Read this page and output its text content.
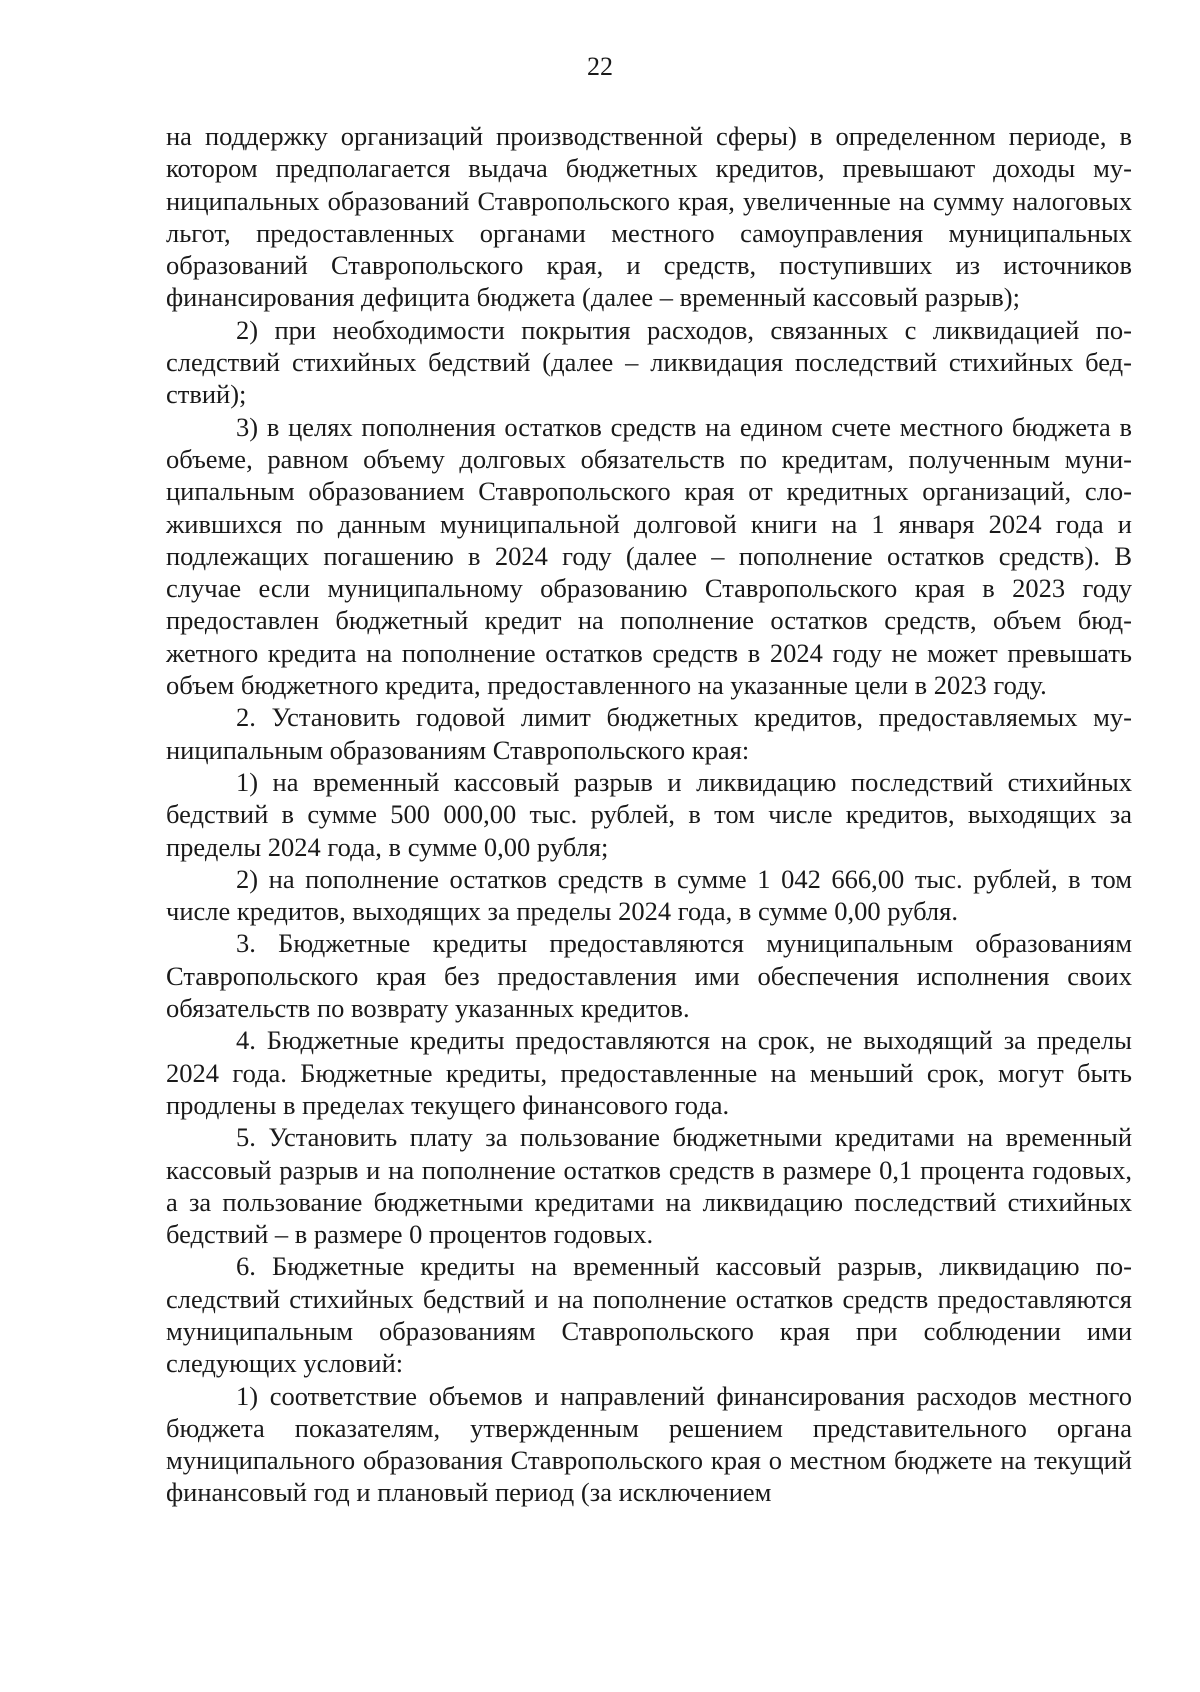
22

на поддержку организаций производственной сферы) в определенном периоде, в котором предполагается выдача бюджетных кредитов, превышают доходы муниципальных образований Ставропольского края, увеличенные на сумму налоговых льгот, предоставленных органами местного самоуправления муниципальных образований Ставропольского края, и средств, поступивших из источников финансирования дефицита бюджета (далее – временный кассовый разрыв);

2) при необходимости покрытия расходов, связанных с ликвидацией последствий стихийных бедствий (далее – ликвидация последствий стихийных бедствий);

3) в целях пополнения остатков средств на едином счете местного бюджета в объеме, равном объему долговых обязательств по кредитам, полученным муниципальным образованием Ставропольского края от кредитных организаций, сложившихся по данным муниципальной долговой книги на 1 января 2024 года и подлежащих погашению в 2024 году (далее – пополнение остатков средств). В случае если муниципальному образованию Ставропольского края в 2023 году предоставлен бюджетный кредит на пополнение остатков средств, объем бюджетного кредита на пополнение остатков средств в 2024 году не может превышать объем бюджетного кредита, предоставленного на указанные цели в 2023 году.

2. Установить годовой лимит бюджетных кредитов, предоставляемых муниципальным образованиям Ставропольского края:

1) на временный кассовый разрыв и ликвидацию последствий стихийных бедствий в сумме 500 000,00 тыс. рублей, в том числе кредитов, выходящих за пределы 2024 года, в сумме 0,00 рубля;

2) на пополнение остатков средств в сумме 1 042 666,00 тыс. рублей, в том числе кредитов, выходящих за пределы 2024 года, в сумме 0,00 рубля.

3. Бюджетные кредиты предоставляются муниципальным образованиям Ставропольского края без предоставления ими обеспечения исполнения своих обязательств по возврату указанных кредитов.

4. Бюджетные кредиты предоставляются на срок, не выходящий за пределы 2024 года. Бюджетные кредиты, предоставленные на меньший срок, могут быть продлены в пределах текущего финансового года.

5. Установить плату за пользование бюджетными кредитами на временный кассовый разрыв и на пополнение остатков средств в размере 0,1 процента годовых, а за пользование бюджетными кредитами на ликвидацию последствий стихийных бедствий – в размере 0 процентов годовых.

6. Бюджетные кредиты на временный кассовый разрыв, ликвидацию последствий стихийных бедствий и на пополнение остатков средств предоставляются муниципальным образованиям Ставропольского края при соблюдении ими следующих условий:

1) соответствие объемов и направлений финансирования расходов местного бюджета показателям, утвержденным решением представительного органа муниципального образования Ставропольского края о местном бюджете на текущий финансовый год и плановый период (за исключением
